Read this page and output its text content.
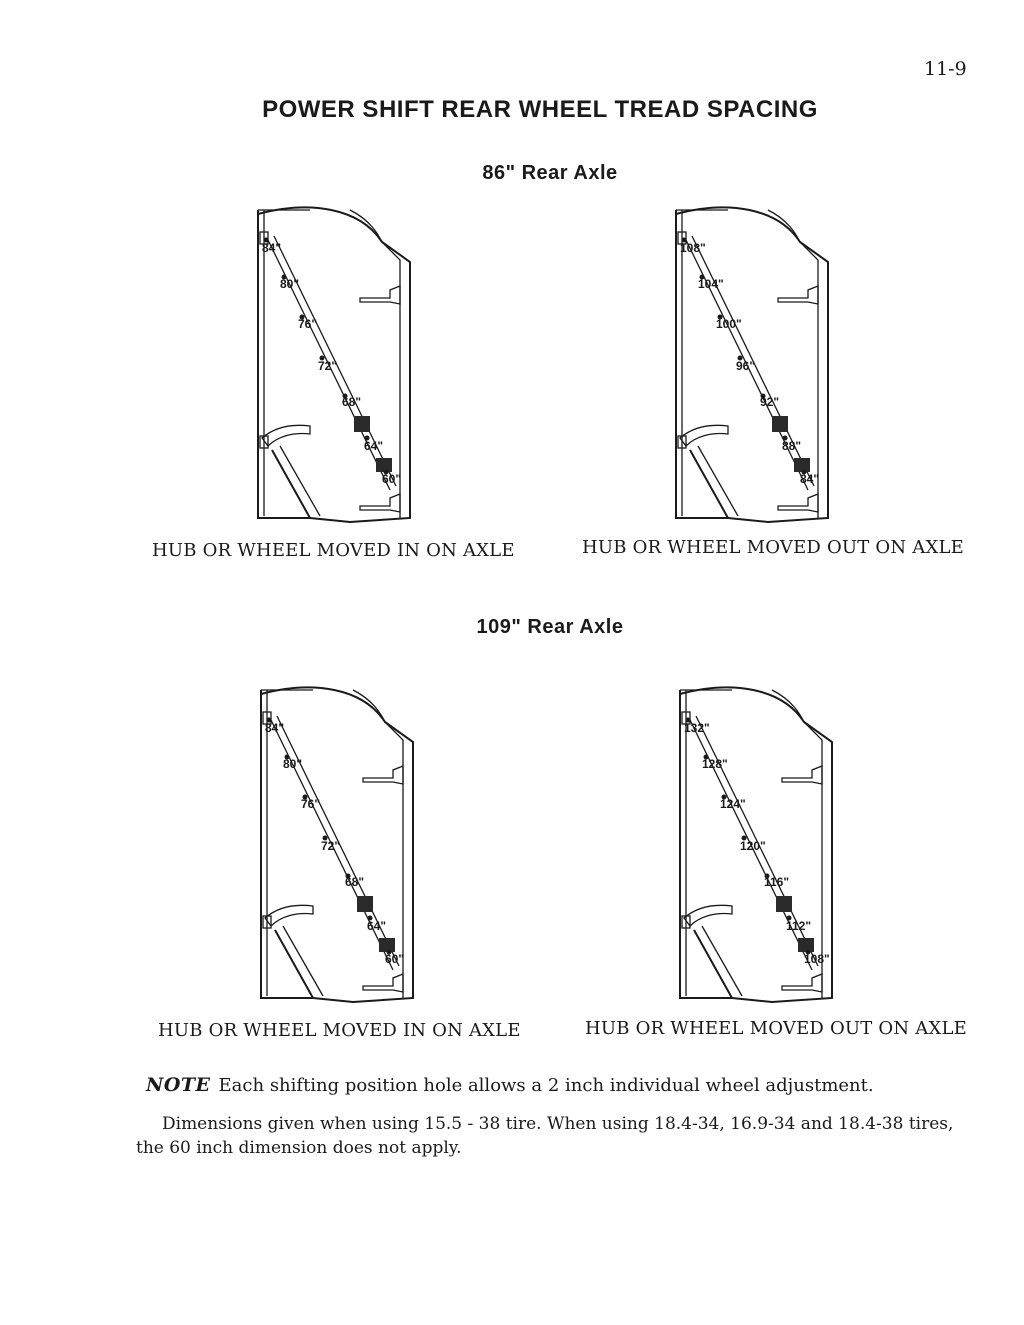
11-9
POWER SHIFT REAR WHEEL TREAD SPACING
86" Rear Axle
84"
80"
76"
72"
68"
64"
60"
108"
104"
100"
96"
92"
88"
84"
HUB OR WHEEL MOVED IN ON AXLE	HUB OR WHEEL MOVED OUT ON AXLE
109" Rear Axle
84"
80"
76"
72"
68"
64"
60"
132"
128"
124"
120"
116"
112"
108"
HUB OR WHEEL MOVED IN ON AXLE	HUB OR WHEEL MOVED OUT ON AXLE
NOTE Each shifting position hole allows a 2 inch individual wheel adjustment.
Dimensions given when using 15.5 - 38 tire. When using 18.4-34, 16.9-34 and 18.4-38 tires,
the 60 inch dimension does not apply.
